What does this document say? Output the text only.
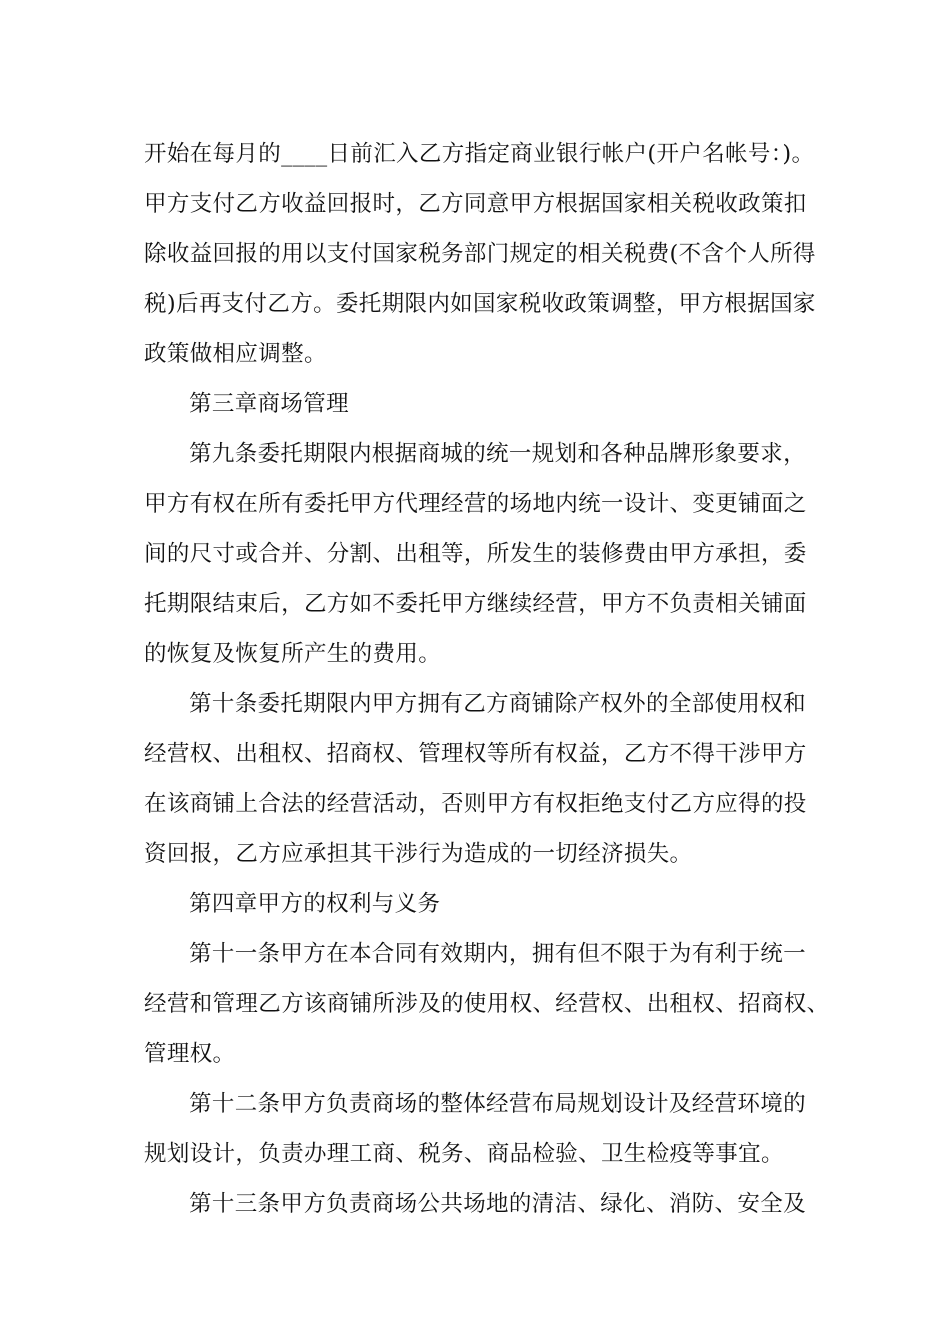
开始在每月的____日前汇入乙方指定商业银行帐户(开户名帐号：)。
甲方支付乙方收益回报时，乙方同意甲方根据国家相关税收政策扣
除收益回报的用以支付国家税务部门规定的相关税费(不含个人所得
税)后再支付乙方。委托期限内如国家税收政策调整，甲方根据国家
政策做相应调整。
第三章商场管理
第九条委托期限内根据商城的统一规划和各种品牌形象要求，
甲方有权在所有委托甲方代理经营的场地内统一设计、变更铺面之
间的尺寸或合并、分割、出租等，所发生的装修费由甲方承担，委
托期限结束后，乙方如不委托甲方继续经营，甲方不负责相关铺面
的恢复及恢复所产生的费用。
第十条委托期限内甲方拥有乙方商铺除产权外的全部使用权和
经营权、出租权、招商权、管理权等所有权益，乙方不得干涉甲方
在该商铺上合法的经营活动，否则甲方有权拒绝支付乙方应得的投
资回报，乙方应承担其干涉行为造成的一切经济损失。
第四章甲方的权利与义务
第十一条甲方在本合同有效期内，拥有但不限于为有利于统一
经营和管理乙方该商铺所涉及的使用权、经营权、出租权、招商权、
管理权。
第十二条甲方负责商场的整体经营布局规划设计及经营环境的
规划设计，负责办理工商、税务、商品检验、卫生检疫等事宜。
第十三条甲方负责商场公共场地的清洁、绿化、消防、安全及
